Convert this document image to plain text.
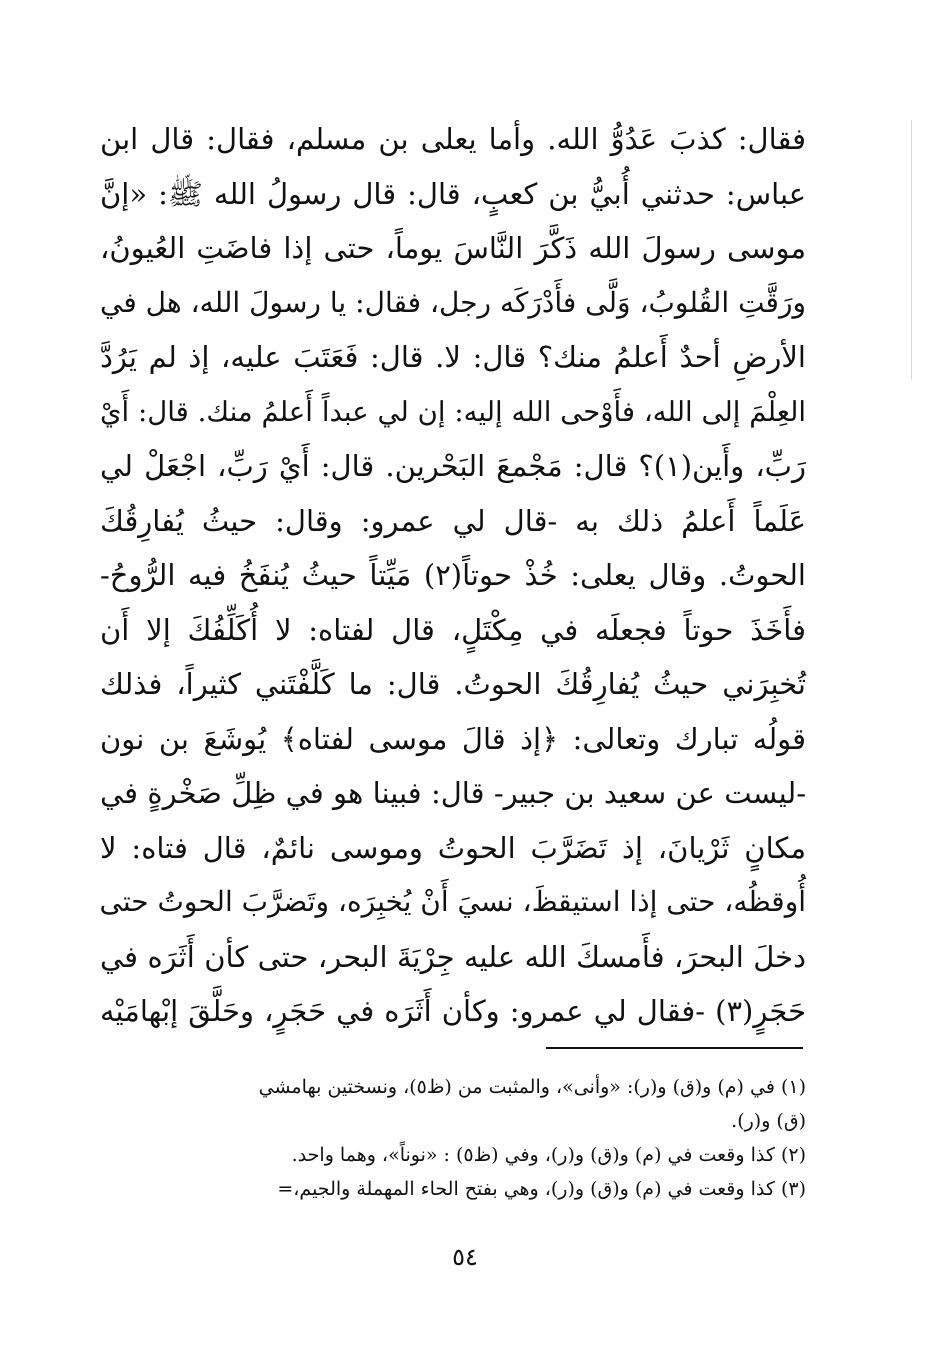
فقال: كذبَ عَدُوُّ الله. وأما يعلى بن مسلم، فقال: قال ابن
عباس: حدثني أُبيُّ بن كعبٍ، قال: قال رسولُ الله ﷺ: «إنَّ
موسى رسولَ الله ذَكَّرَ النَّاسَ يوماً، حتى إذا فاضَتِ العُيونُ،
ورَقَّتِ القُلوبُ، وَلَّى فأَدْرَكَه رجل، فقال: يا رسولَ الله، هل في
الأرضِ أحدٌ أَعلمُ منك؟ قال: لا. قال: فَعَتَبَ عليه، إذ لم يَرُدَّ
العِلْمَ إلى الله، فأَوْحى الله إليه: إن لي عبداً أَعلمُ منك. قال: أَيْ
رَبِّ، وأَين(١)؟ قال: مَجْمعَ البَحْرين. قال: أَيْ رَبِّ، اجْعَلْ لي
عَلَماً أَعلمُ ذلك به -قال لي عمرو: وقال: حيثُ يُفارِقُكَ
الحوتُ. وقال يعلى: خُذْ حوتاً(٢) مَيِّتاً حيثُ يُنفَخُ فيه الرُّوحُ-
فأَخَذَ حوتاً فجعلَه في مِكْتَلٍ، قال لفتاه: لا أُكَلِّفُكَ إلا أَن
تُخبِرَني حيثُ يُفارِقُكَ الحوتُ. قال: ما كَلَّفْتَني كثيراً، فذلك
قولُه تبارك وتعالى: ﴿إذ قالَ موسى لفتاه﴾ يُوشَعَ بن نون
-ليست عن سعيد بن جبير- قال: فبينا هو في ظِلِّ صَخْرةٍ في
مكانٍ ثَرْيانَ، إذ تَضَرَّبَ الحوتُ وموسى نائمٌ، قال فتاه: لا
أُوقظُه، حتى إذا استيقظَ، نسيَ أَنْ يُخبِرَه، وتَضرَّبَ الحوتُ حتى
دخلَ البحرَ، فأَمسكَ الله عليه جِرْيَةَ البحر، حتى كأن أَثَرَه في
حَجَرٍ(٣) -فقال لي عمرو: وكأن أَثَرَه في حَجَرٍ، وحَلَّقَ إبْهامَيْه
(١) في (م) و(ق) و(ر): «وأنى»، والمثبت من (ظ٥)، ونسختين بهامشي
(ق) و(ر).
(٢) كذا وقعت في (م) و(ق) و(ر)، وفي (ظ٥) : «نوناً»، وهما واحد.
(٣) كذا وقعت في (م) و(ق) و(ر)، وهي بفتح الحاء المهملة والجيم،=
٥٤
